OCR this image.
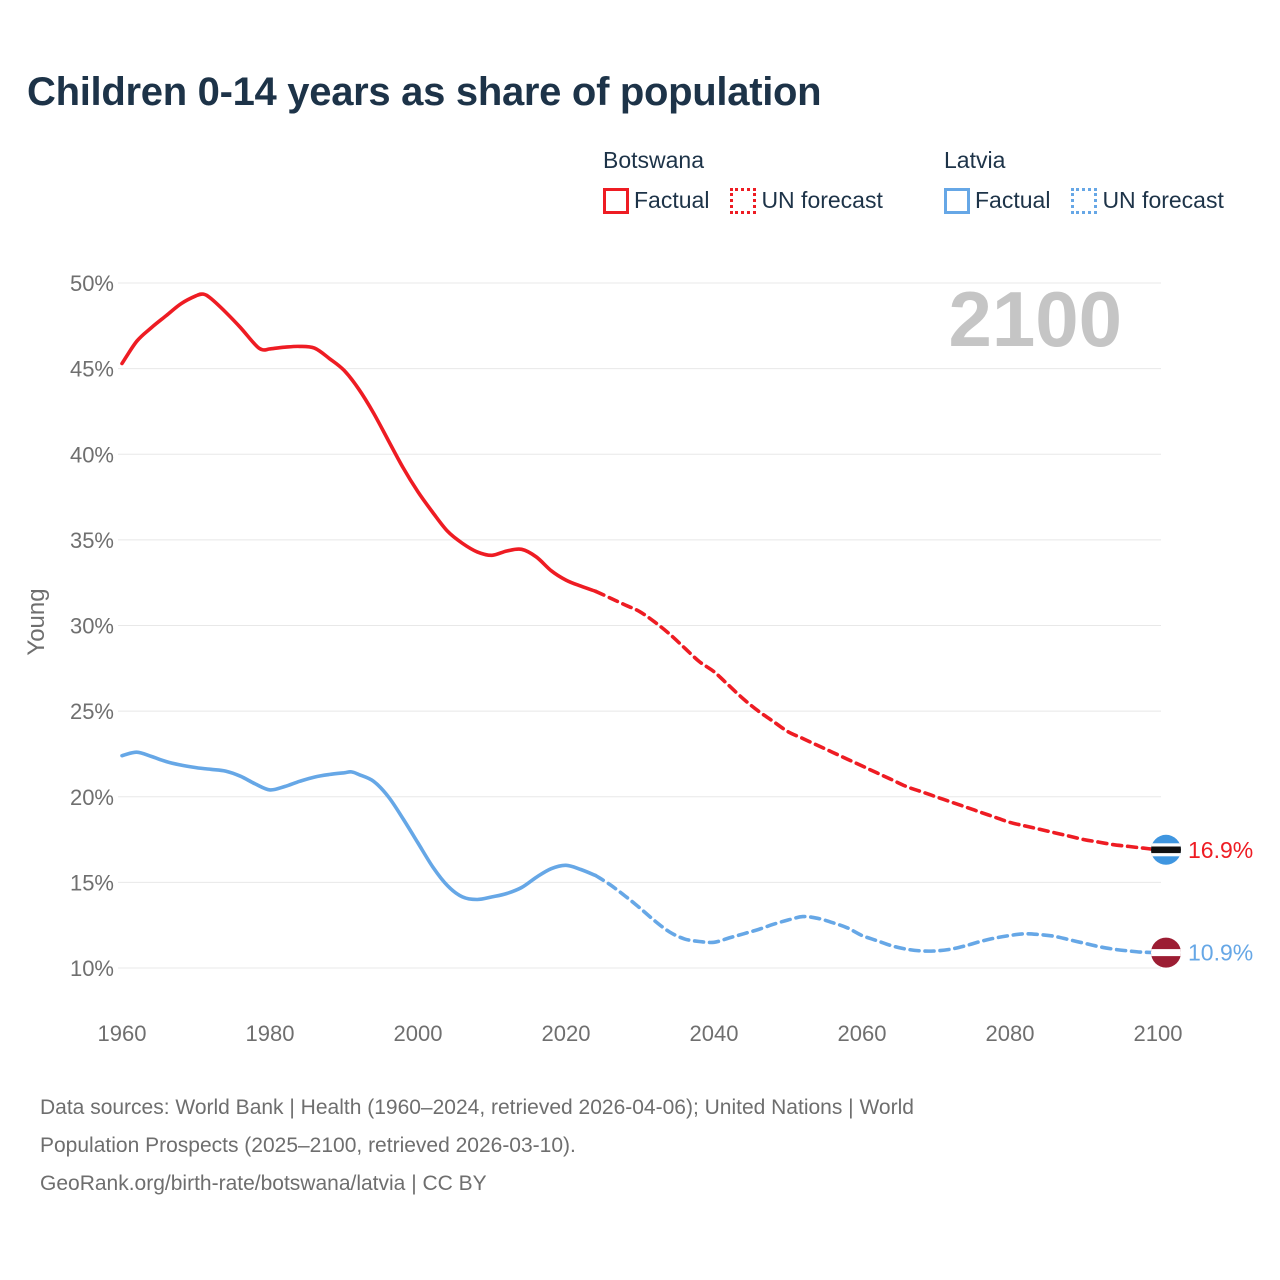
Children 0-14 years as share of population
Botswana
Factual UN forecast
Latvia
Factual UN forecast
10%
15%
20%
25%
30%
35%
40%
45%
50%
1960	1980	2000	2020	2040	2060	2080	2100
Young
2100
16.9%
10.9%
Data sources: World Bank | Health (1960–2024, retrieved 2026-04-06); United Nations | World
Population Prospects (2025–2100, retrieved 2026-03-10).
GeoRank.org/birth-rate/botswana/latvia | CC BY
